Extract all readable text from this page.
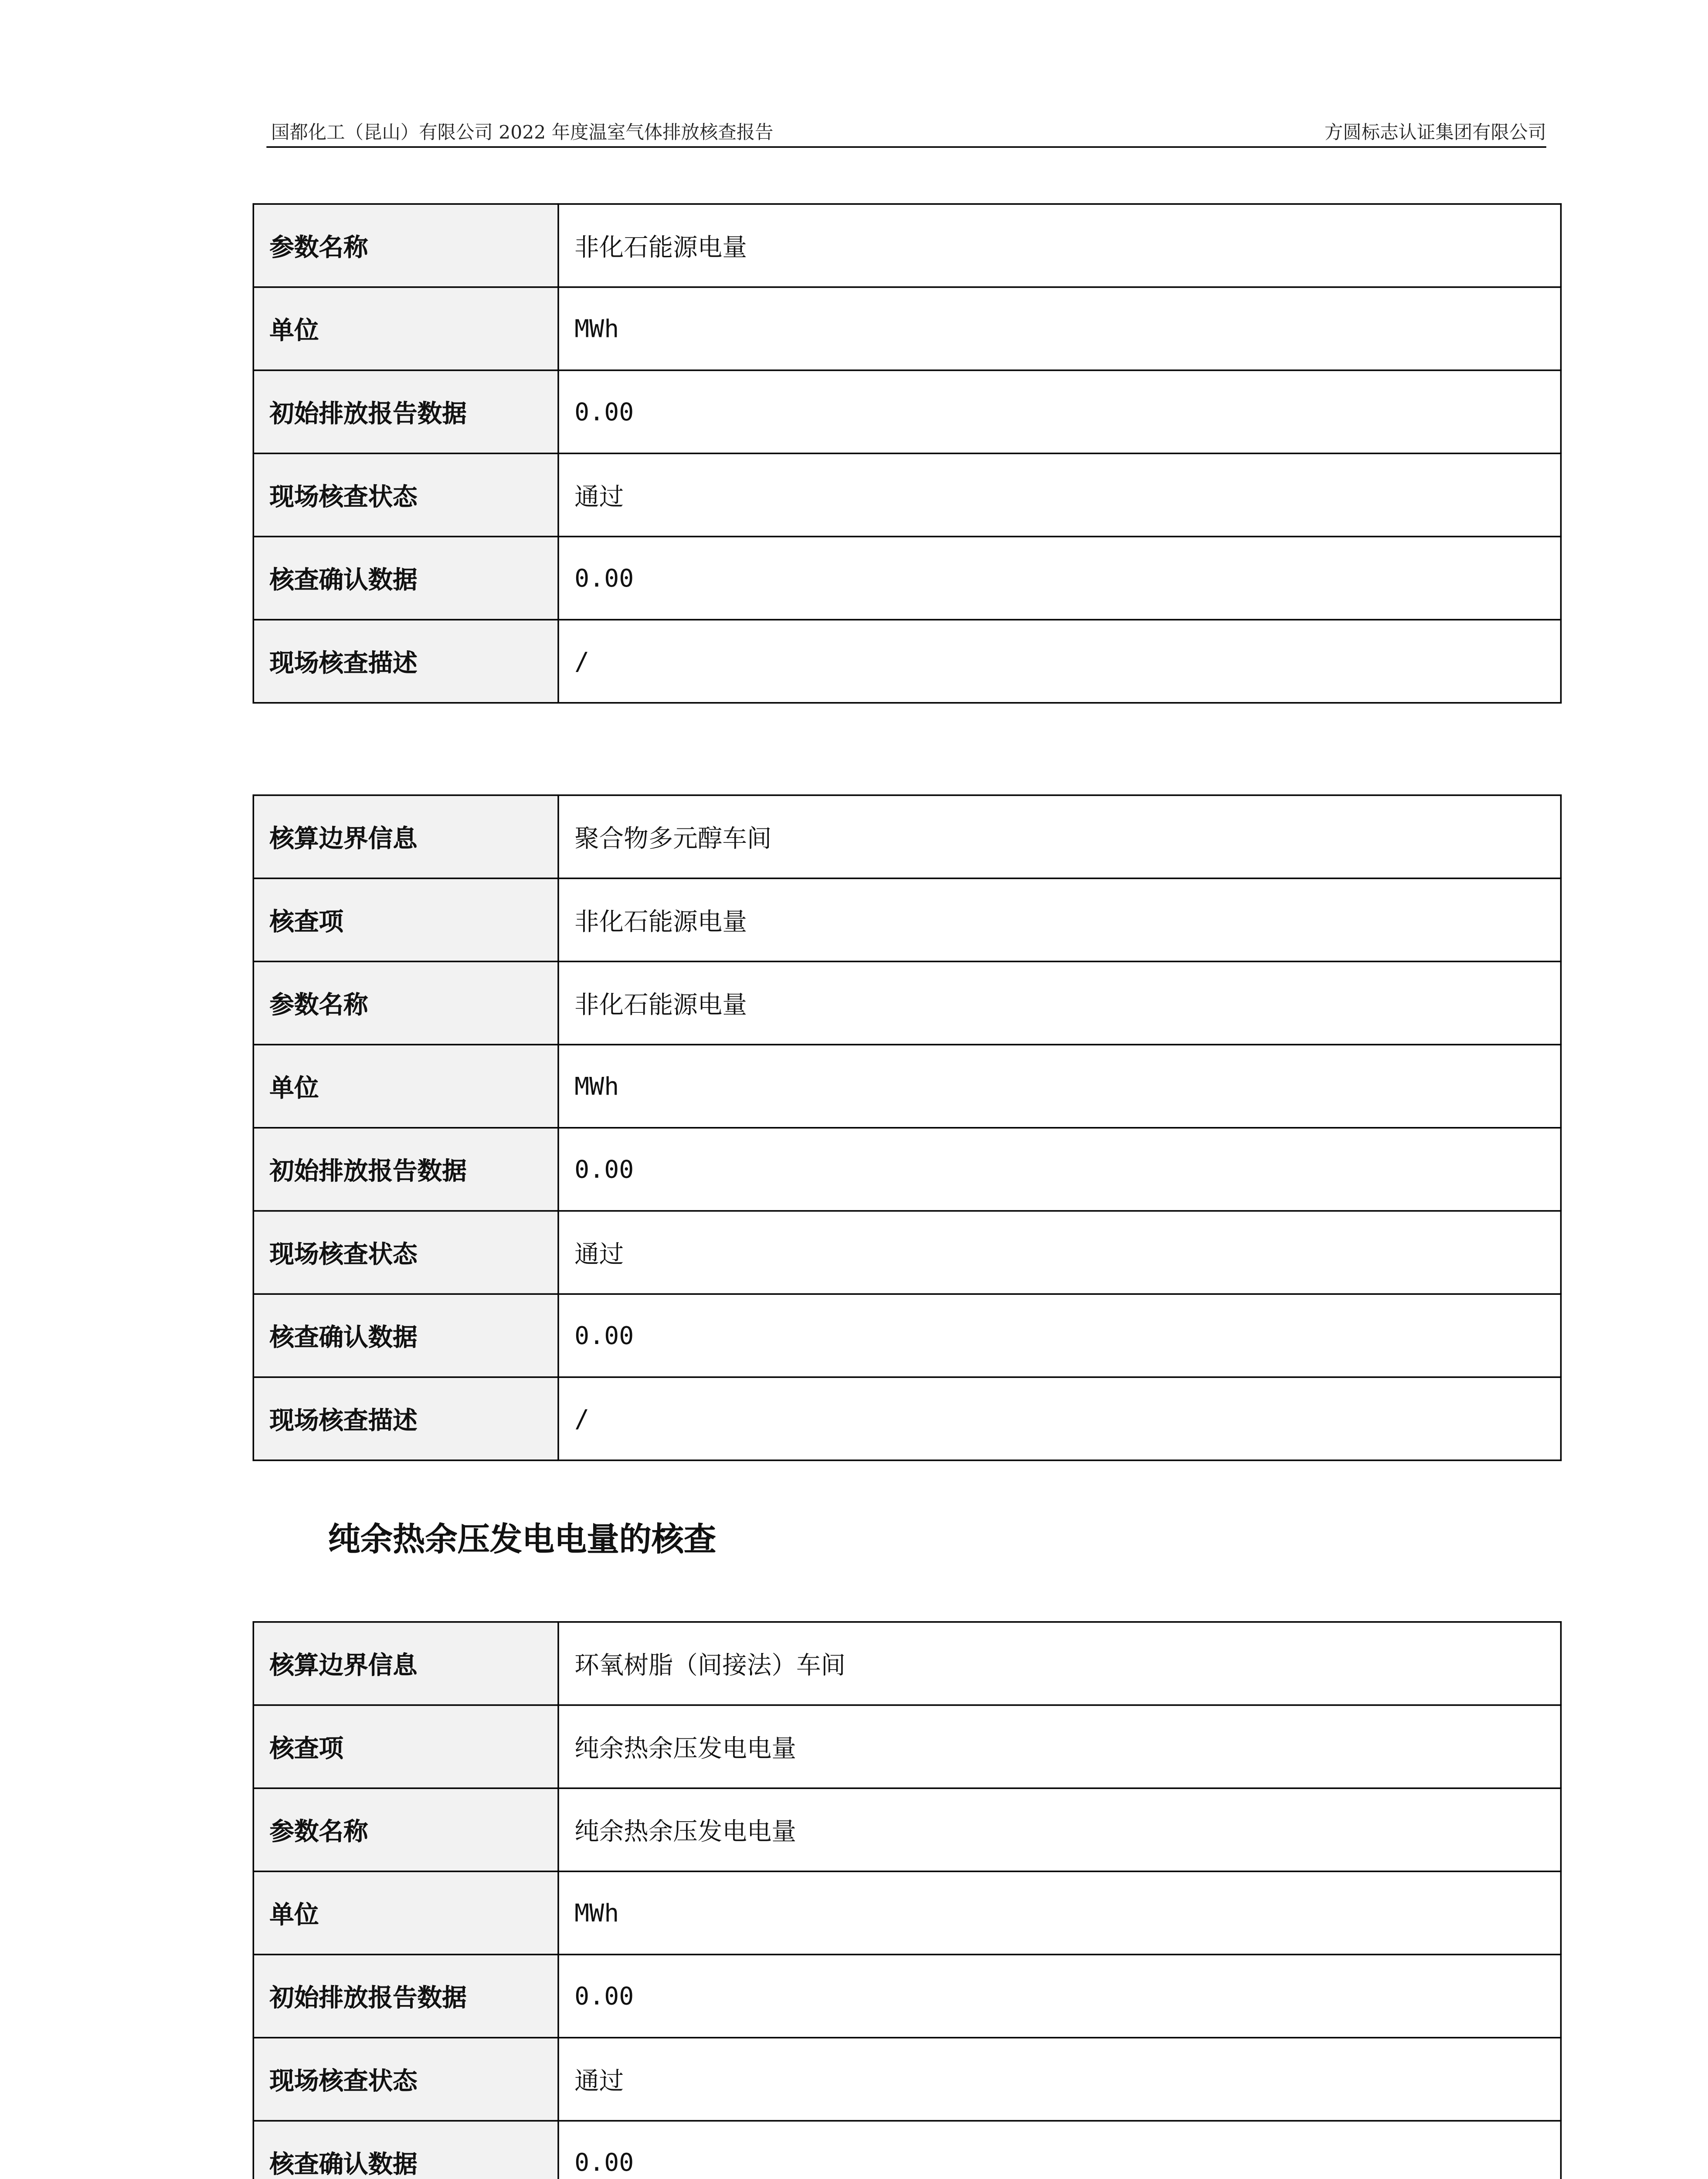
国都化工（昆山）有限公司 2022 年度温室气体排放核查报告	方圆标志认证集团有限公司
参数名称	非化石能源电量
单位	MWh
初始排放报告数据	0.00
现场核查状态	通过
核查确认数据	0.00
现场核查描述	/
核算边界信息	聚合物多元醇车间
核查项	非化石能源电量
参数名称	非化石能源电量
单位	MWh
初始排放报告数据	0.00
现场核查状态	通过
核查确认数据	0.00
现场核查描述	/
纯余热余压发电电量的核查
核算边界信息	环氧树脂（间接法）车间
核查项	纯余热余压发电电量
参数名称	纯余热余压发电电量
单位	MWh
初始排放报告数据	0.00
现场核查状态	通过
核查确认数据	0.00
